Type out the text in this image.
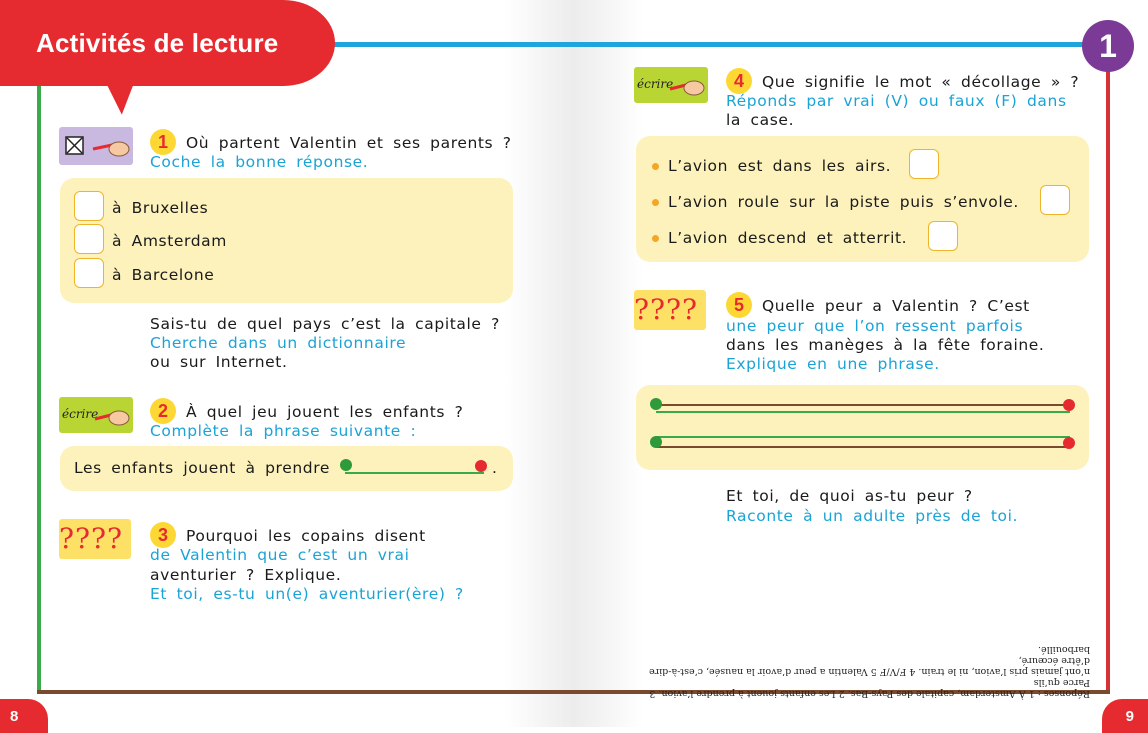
Activités de lecture	1
1	Où partent Valentin et ses parents ?
Coche la bonne réponse.
à Bruxelles
à Amsterdam
à Barcelone
Sais-tu de quel pays c’est la capitale ?
Cherche dans un dictionnaire
ou sur Internet.
écrire	2	À quel jeu jouent les enfants ?
Complète la phrase suivante :
Les enfants jouent à prendre	.
????	3	Pourquoi les copains disent
de Valentin que c’est un vrai
aventurier ? Explique.
Et toi, es-tu un(e) aventurier(ère) ?
écrire	4	Que signifie le mot « décollage » ?
Réponds par vrai (V) ou faux (F) dans
la case.
L’avion est dans les airs.
L’avion roule sur la piste puis s’envole.
L’avion descend et atterrit.
????	5	Quelle peur a Valentin ? C’est
une peur que l’on ressent parfois
dans les manèges à la fête foraine.
Explique en une phrase.
Et toi, de quoi as-tu peur ?
Raconte à un adulte près de toi.
Réponses : 1 À Amsterdam, capitale des Pays-Bas. 2 Les enfants jouent à prendre l’avion. 3 Parce qu’ils
n’ont jamais pris l’avion, ni le train. 4 F/V/F 5 Valentin a peur d’avoir la nausée, c’est-à-dire d’être écœuré,
barbouillé.
8	9
